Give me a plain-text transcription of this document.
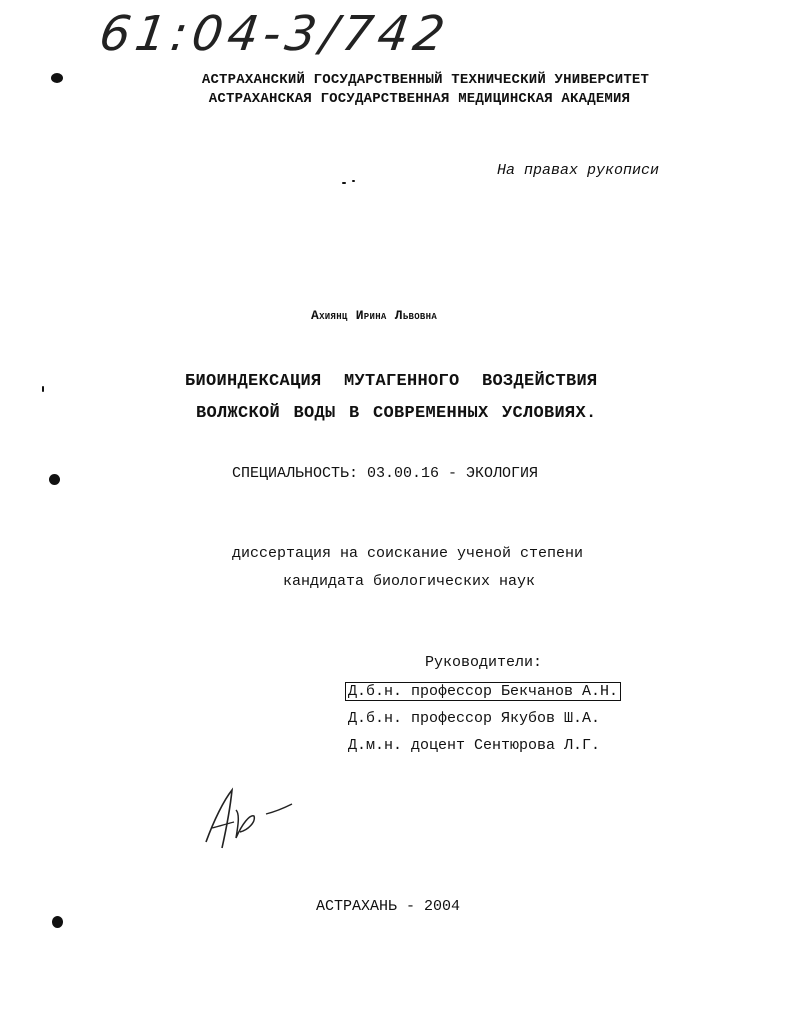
61:04-3/742
АСТРАХАНСКИЙ ГОСУДАРСТВЕННЫЙ ТЕХНИЧЕСКИЙ УНИВЕРСИТЕТ
АСТРАХАНСКАЯ ГОСУДАРСТВЕННАЯ МЕДИЦИНСКАЯ АКАДЕМИЯ
На правах рукописи
Ахиянц Ирина Львовна
БИОИНДЕКСАЦИЯ МУТАГЕННОГО ВОЗДЕЙСТВИЯ
ВОЛЖСКОЙ ВОДЫ В СОВРЕМЕННЫХ УСЛОВИЯХ.
СПЕЦИАЛЬНОСТЬ: 03.00.16 - ЭКОЛОГИЯ
диссертация на соискание ученой степени
кандидата биологических наук
Руководители:
Д.б.н. профессор Бекчанов А.Н.
Д.б.н. профессор Якубов Ш.А.
Д.м.н. доцент Сентюрова Л.Г.
АСТРАХАНЬ - 2004
